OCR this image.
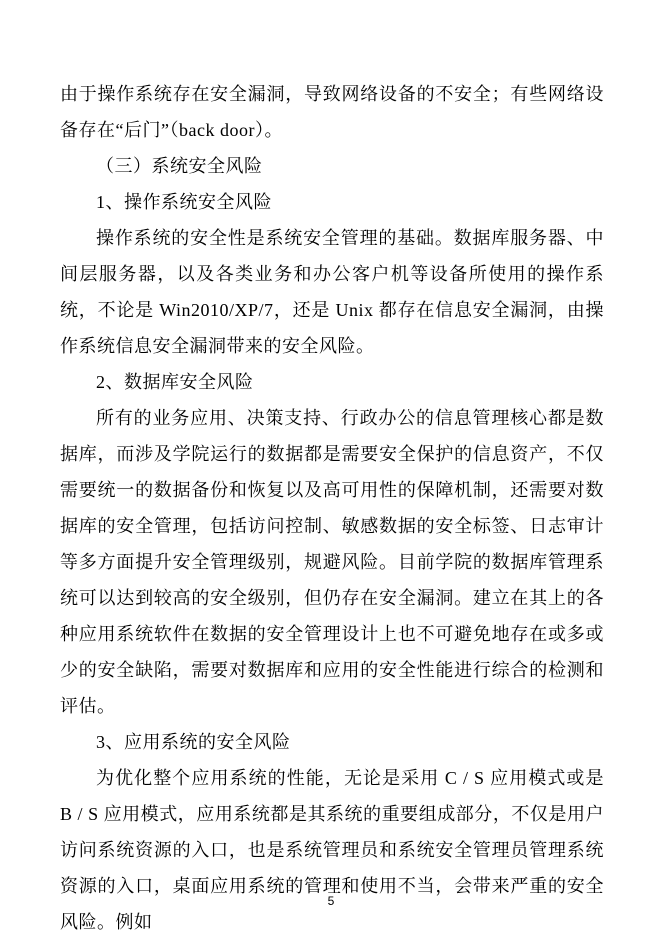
由于操作系统存在安全漏洞，导致网络设备的不安全；有些网络设备存在“后门”（back door）。

（三）系统安全风险

1、操作系统安全风险

操作系统的安全性是系统安全管理的基础。数据库服务器、中间层服务器，以及各类业务和办公客户机等设备所使用的操作系统，不论是 Win2010/XP/7，还是 Unix 都存在信息安全漏洞，由操作系统信息安全漏洞带来的安全风险。

2、数据库安全风险

所有的业务应用、决策支持、行政办公的信息管理核心都是数据库，而涉及学院运行的数据都是需要安全保护的信息资产，不仅需要统一的数据备份和恢复以及高可用性的保障机制，还需要对数据库的安全管理，包括访问控制、敏感数据的安全标签、日志审计等多方面提升安全管理级别，规避风险。目前学院的数据库管理系统可以达到较高的安全级别，但仍存在安全漏洞。建立在其上的各种应用系统软件在数据的安全管理设计上也不可避免地存在或多或少的安全缺陷，需要对数据库和应用的安全性能进行综合的检测和评估。

3、应用系统的安全风险

为优化整个应用系统的性能，无论是采用 C / S 应用模式或是 B / S 应用模式，应用系统都是其系统的重要组成部分，不仅是用户访问系统资源的入口，也是系统管理员和系统安全管理员管理系统资源的入口，桌面应用系统的管理和使用不当，会带来严重的安全风险。例如

5
